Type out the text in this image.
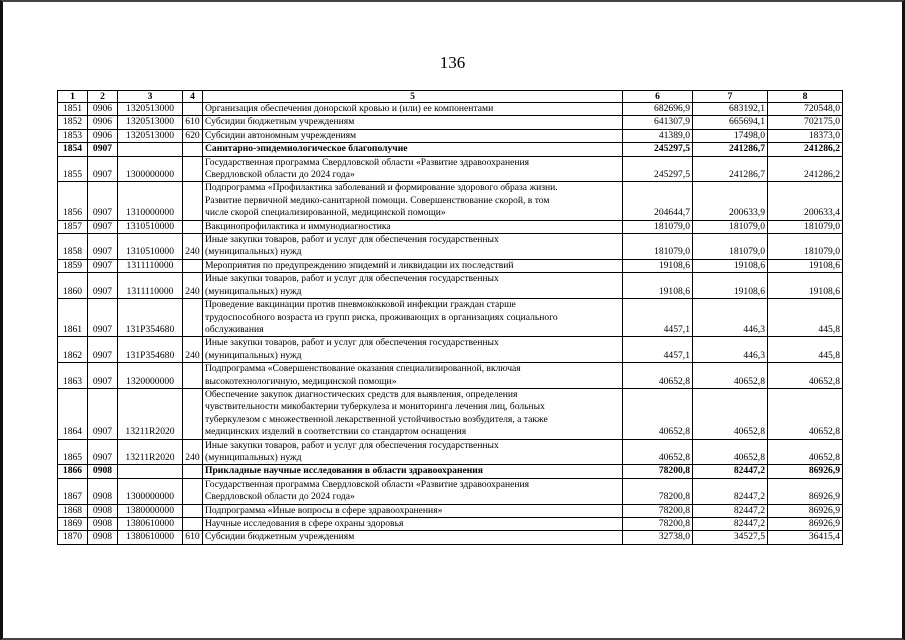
136
1	2	3	4	5	6	7	8
1851	0906	1320513000		Организация обеспечения донорской кровью и (или) ее компонентами	682696,9	683192,1	720548,0
1852	0906	1320513000	610	Субсидии бюджетным учреждениям	641307,9	665694,1	702175,0
1853	0906	1320513000	620	Субсидии автономным учреждениям	41389,0	17498,0	18373,0
1854	0907			Санитарно-эпидемиологическое благополучие	245297,5	241286,7	241286,2
1855	0907	1300000000		Государственная программа Свердловской области «Развитие здравоохранения
Свердловской области до 2024 года»	245297,5	241286,7	241286,2
1856	0907	1310000000		Подпрограмма «Профилактика заболеваний и формирование здорового образа жизни.
Развитие первичной медико-санитарной помощи. Совершенствование скорой, в том
числе скорой специализированной, медицинской помощи»	204644,7	200633,9	200633,4
1857	0907	1310510000		Вакцинопрофилактика и иммунодиагностика	181079,0	181079,0	181079,0
1858	0907	1310510000	240	Иные закупки товаров, работ и услуг для обеспечения государственных
(муниципальных) нужд	181079,0	181079,0	181079,0
1859	0907	1311110000		Мероприятия по предупреждению эпидемий и ликвидации их последствий	19108,6	19108,6	19108,6
1860	0907	1311110000	240	Иные закупки товаров, работ и услуг для обеспечения государственных
(муниципальных) нужд	19108,6	19108,6	19108,6
1861	0907	131P354680		Проведение вакцинации против пневмококковой инфекции граждан старше
трудоспособного возраста из групп риска, проживающих в организациях социального
обслуживания	4457,1	446,3	445,8
1862	0907	131P354680	240	Иные закупки товаров, работ и услуг для обеспечения государственных
(муниципальных) нужд	4457,1	446,3	445,8
1863	0907	1320000000		Подпрограмма «Совершенствование оказания специализированной, включая
высокотехнологичную, медицинской помощи»	40652,8	40652,8	40652,8
1864	0907	13211R2020		Обеспечение закупок диагностических средств для выявления, определения
чувствительности микобактерии туберкулеза и мониторинга лечения лиц, больных
туберкулезом с множественной лекарственной устойчивостью возбудителя, а также
медицинских изделий в соответствии со стандартом оснащения	40652,8	40652,8	40652,8
1865	0907	13211R2020	240	Иные закупки товаров, работ и услуг для обеспечения государственных
(муниципальных) нужд	40652,8	40652,8	40652,8
1866	0908			Прикладные научные исследования в области здравоохранения	78200,8	82447,2	86926,9
1867	0908	1300000000		Государственная программа Свердловской области «Развитие здравоохранения
Свердловской области до 2024 года»	78200,8	82447,2	86926,9
1868	0908	1380000000		Подпрограмма «Иные вопросы в сфере здравоохранения»	78200,8	82447,2	86926,9
1869	0908	1380610000		Научные исследования в сфере охраны здоровья	78200,8	82447,2	86926,9
1870	0908	1380610000	610	Субсидии бюджетным учреждениям	32738,0	34527,5	36415,4
